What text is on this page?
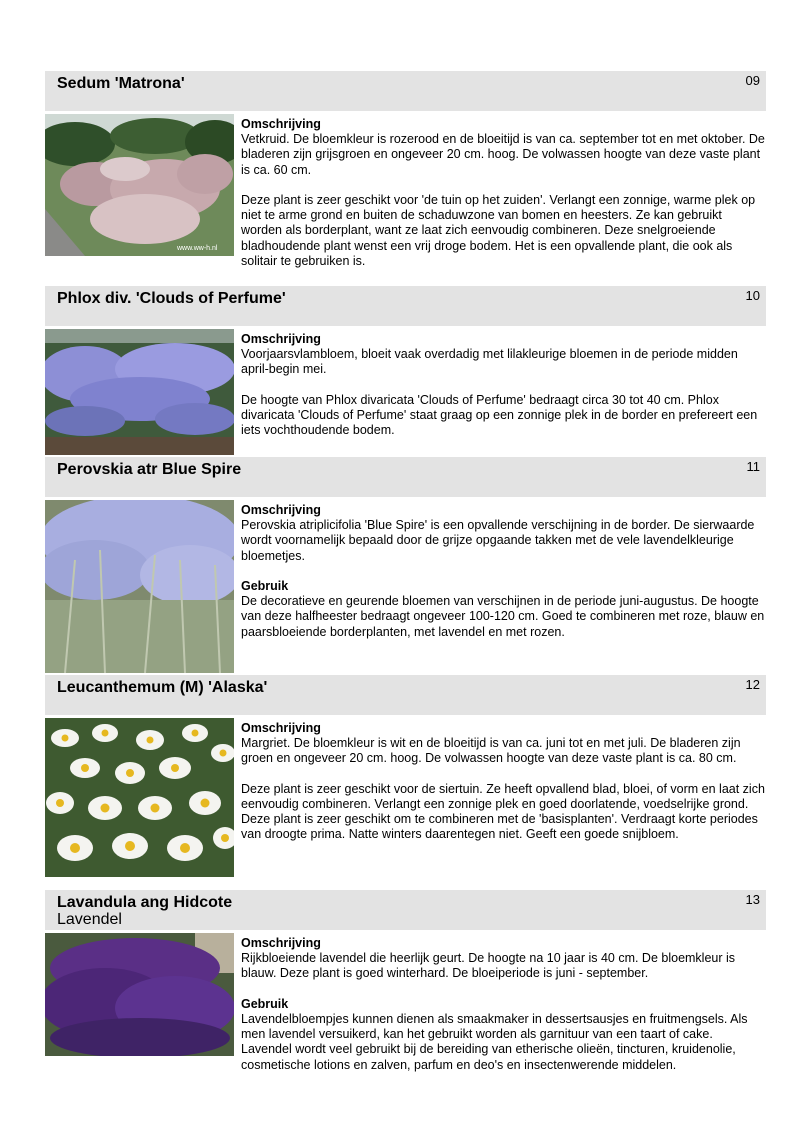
Sedum 'Matrona'	09
www.ww-h.nl

Omschrijving

Vetkruid. De bloemkleur is rozerood en de bloeitijd is van ca. september tot en met oktober. De bladeren zijn grijsgroen en ongeveer 20 cm. hoog. De volwassen hoogte van deze vaste plant is ca. 60 cm.

Deze plant is zeer geschikt voor 'de tuin op het zuiden'. Verlangt een zonnige, warme plek op niet te arme grond en buiten de schaduwzone van bomen en heesters. Ze kan gebruikt worden als borderplant, want ze laat zich eenvoudig combineren. Deze snelgroeiende bladhoudende plant wenst een vrij droge bodem. Het is een opvallende plant, die ook als solitair te gebruiken is.

Phlox div. 'Clouds of Perfume'	10

Omschrijving

Voorjaarsvlambloem, bloeit vaak overdadig met lilakleurige bloemen in de periode midden april-begin mei.

De hoogte van Phlox divaricata 'Clouds of Perfume' bedraagt circa 30 tot 40 cm. Phlox divaricata 'Clouds of Perfume' staat graag op een zonnige plek in de border en prefereert een iets vochthoudende bodem.

Perovskia atr Blue Spire	11

Omschrijving

Perovskia atriplicifolia 'Blue Spire' is een opvallende verschijning in de border. De sierwaarde wordt voornamelijk bepaald door de grijze opgaande takken met de vele lavendelkleurige bloemetjes.

Gebruik

De decoratieve en geurende bloemen van verschijnen in de periode juni-augustus. De hoogte van deze halfheester bedraagt ongeveer 100-120 cm. Goed te combineren met roze, blauw en paarsbloeiende borderplanten, met lavendel en met rozen.

Leucanthemum (M) 'Alaska'	12

Omschrijving

Margriet. De bloemkleur is wit en de bloeitijd is van ca. juni tot en met juli. De bladeren zijn groen en ongeveer 20 cm. hoog. De volwassen hoogte van deze vaste plant is ca. 80 cm.

Deze plant is zeer geschikt voor de siertuin. Ze heeft opvallend blad, bloei, of vorm en laat zich eenvoudig combineren. Verlangt een zonnige plek en goed doorlatende, voedselrijke grond. Deze plant is zeer geschikt om te combineren met de 'basisplanten'. Verdraagt korte periodes van droogte prima. Natte winters daarentegen niet. Geeft een goede snijbloem.

Lavandula ang Hidcote
Lavendel
13

Omschrijving

Rijkbloeiende lavendel die heerlijk geurt. De hoogte na 10 jaar is 40 cm. De bloemkleur is blauw. Deze plant is goed winterhard. De bloeiperiode is juni - september.

Gebruik

Lavendelbloempjes kunnen dienen als smaakmaker in dessertsausjes en fruitmengsels. Als men lavendel versuikerd, kan het gebruikt worden als garnituur van een taart of cake. Lavendel wordt veel gebruikt bij de bereiding van etherische olieën, tincturen, kruidenolie, cosmetische lotions en zalven, parfum en deo's en insectenwerende middelen.
